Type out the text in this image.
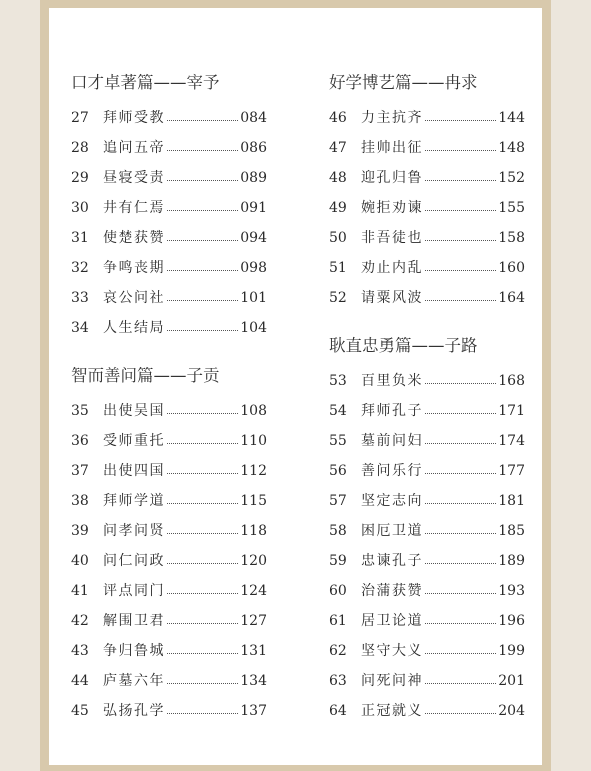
口才卓著篇——宰予
27	拜师受教	084
28	追问五帝	086
29	昼寝受责	089
30	井有仁焉	091
31	使楚获赞	094
32	争鸣丧期	098
33	哀公问社	101
34	人生结局	104
智而善问篇——子贡
35	出使吴国	108
36	受师重托	110
37	出使四国	112
38	拜师学道	115
39	问孝问贤	118
40	问仁问政	120
41	评点同门	124
42	解围卫君	127
43	争归鲁城	131
44	庐墓六年	134
45	弘扬孔学	137
好学博艺篇——冉求
46	力主抗齐	144
47	挂帅出征	148
48	迎孔归鲁	152
49	婉拒劝谏	155
50	非吾徒也	158
51	劝止内乱	160
52	请粟风波	164
耿直忠勇篇——子路
53	百里负米	168
54	拜师孔子	171
55	墓前问妇	174
56	善问乐行	177
57	坚定志向	181
58	困厄卫道	185
59	忠谏孔子	189
60	治蒲获赞	193
61	居卫论道	196
62	坚守大义	199
63	问死问神	201
64	正冠就义	204
